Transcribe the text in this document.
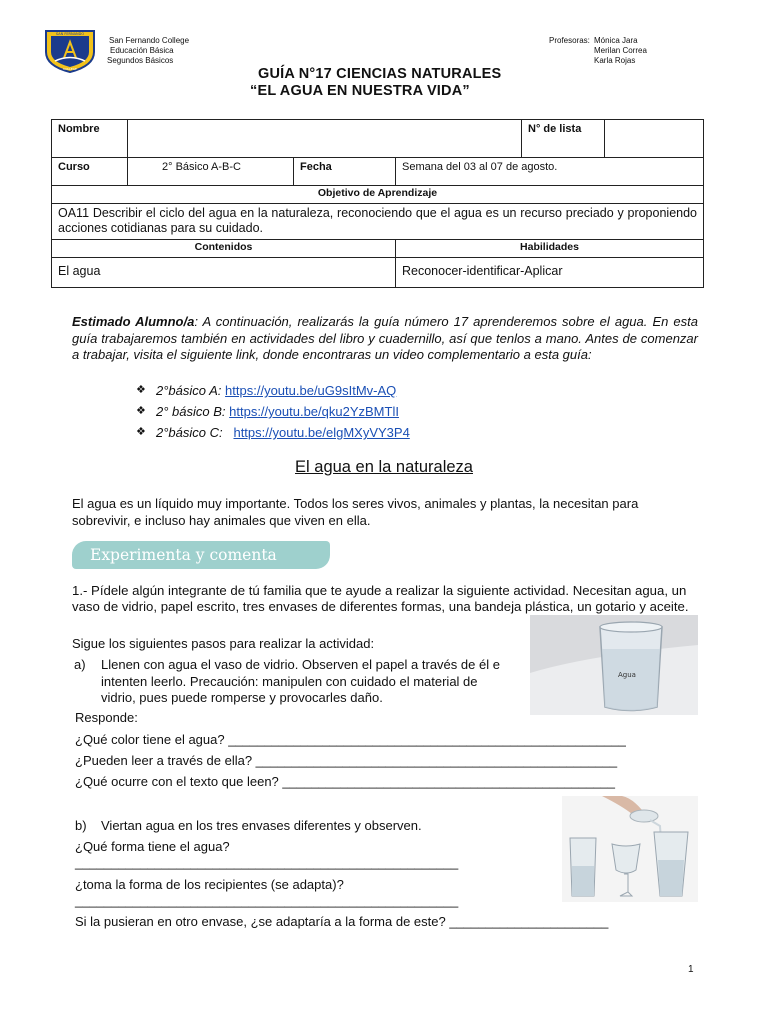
SAN FERNANDO
COLLEGE
San Fernando College
Educación Básica
Segundos Básicos
Profesoras: Mónica Jara
Merilan Correa
Karla Rojas
GUÍA N°17 CIENCIAS NATURALES
“EL AGUA EN NUESTRA VIDA”
Nombre				N° de lista	
Curso	2° Básico A-B-C	Fecha	Semana del 03 al 07 de agosto.		
Objetivo de Aprendizaje					
OA11 Describir el ciclo del agua en la naturaleza, reconociendo que el agua es un recurso preciado y proponiendo acciones cotidianas para su cuidado.					
Contenidos			Habilidades		
El agua			Reconocer-identificar-Aplicar		
Estimado Alumno/a: A continuación, realizarás la guía número 17 aprenderemos sobre el agua. En esta guía trabajaremos también en actividades del libro y cuadernillo, así que tenlos a mano. Antes de comenzar a trabajar, visita el siguiente link, donde encontraras un video complementario a esta guía:
❖ 2°básico A:
https://youtu.be/uG9sItMv-AQ
❖ 2° básico B:
https://youtu.be/qku2YzBMTlI
❖ 2°básico C:
https://youtu.be/elgMXyVY3P4
El agua en la naturaleza
El agua es un líquido muy importante. Todos los seres vivos, animales y plantas, la necesitan para sobrevivir, e incluso hay animales que viven en ella.
Experimenta y comenta
1.- Pídele algún integrante de tú familia que te ayude a realizar la siguiente actividad. Necesitan agua, un vaso de vidrio, papel escrito, tres envases de diferentes formas, una bandeja plástica, un gotario y aceite.
Sigue los siguientes pasos para realizar la actividad:
a) Llenen con agua el vaso de vidrio. Observen el papel a través de él e intenten leerlo. Precaución: manipulen con cuidado el material de vidrio, pues puede romperse y provocarles daño.
Agua
Responde:
¿Qué color tiene el agua? _______________________________________________________
¿Pueden leer a través de ella? __________________________________________________
¿Qué ocurre con el texto que leen? ______________________________________________
b) Viertan agua en los tres envases diferentes y observen.
¿Qué forma tiene el agua?
_____________________________________________________
¿toma la forma de los recipientes (se adapta)?
_____________________________________________________
Si la pusieran en otro envase, ¿se adaptaría a la forma de este? ______________________
1
